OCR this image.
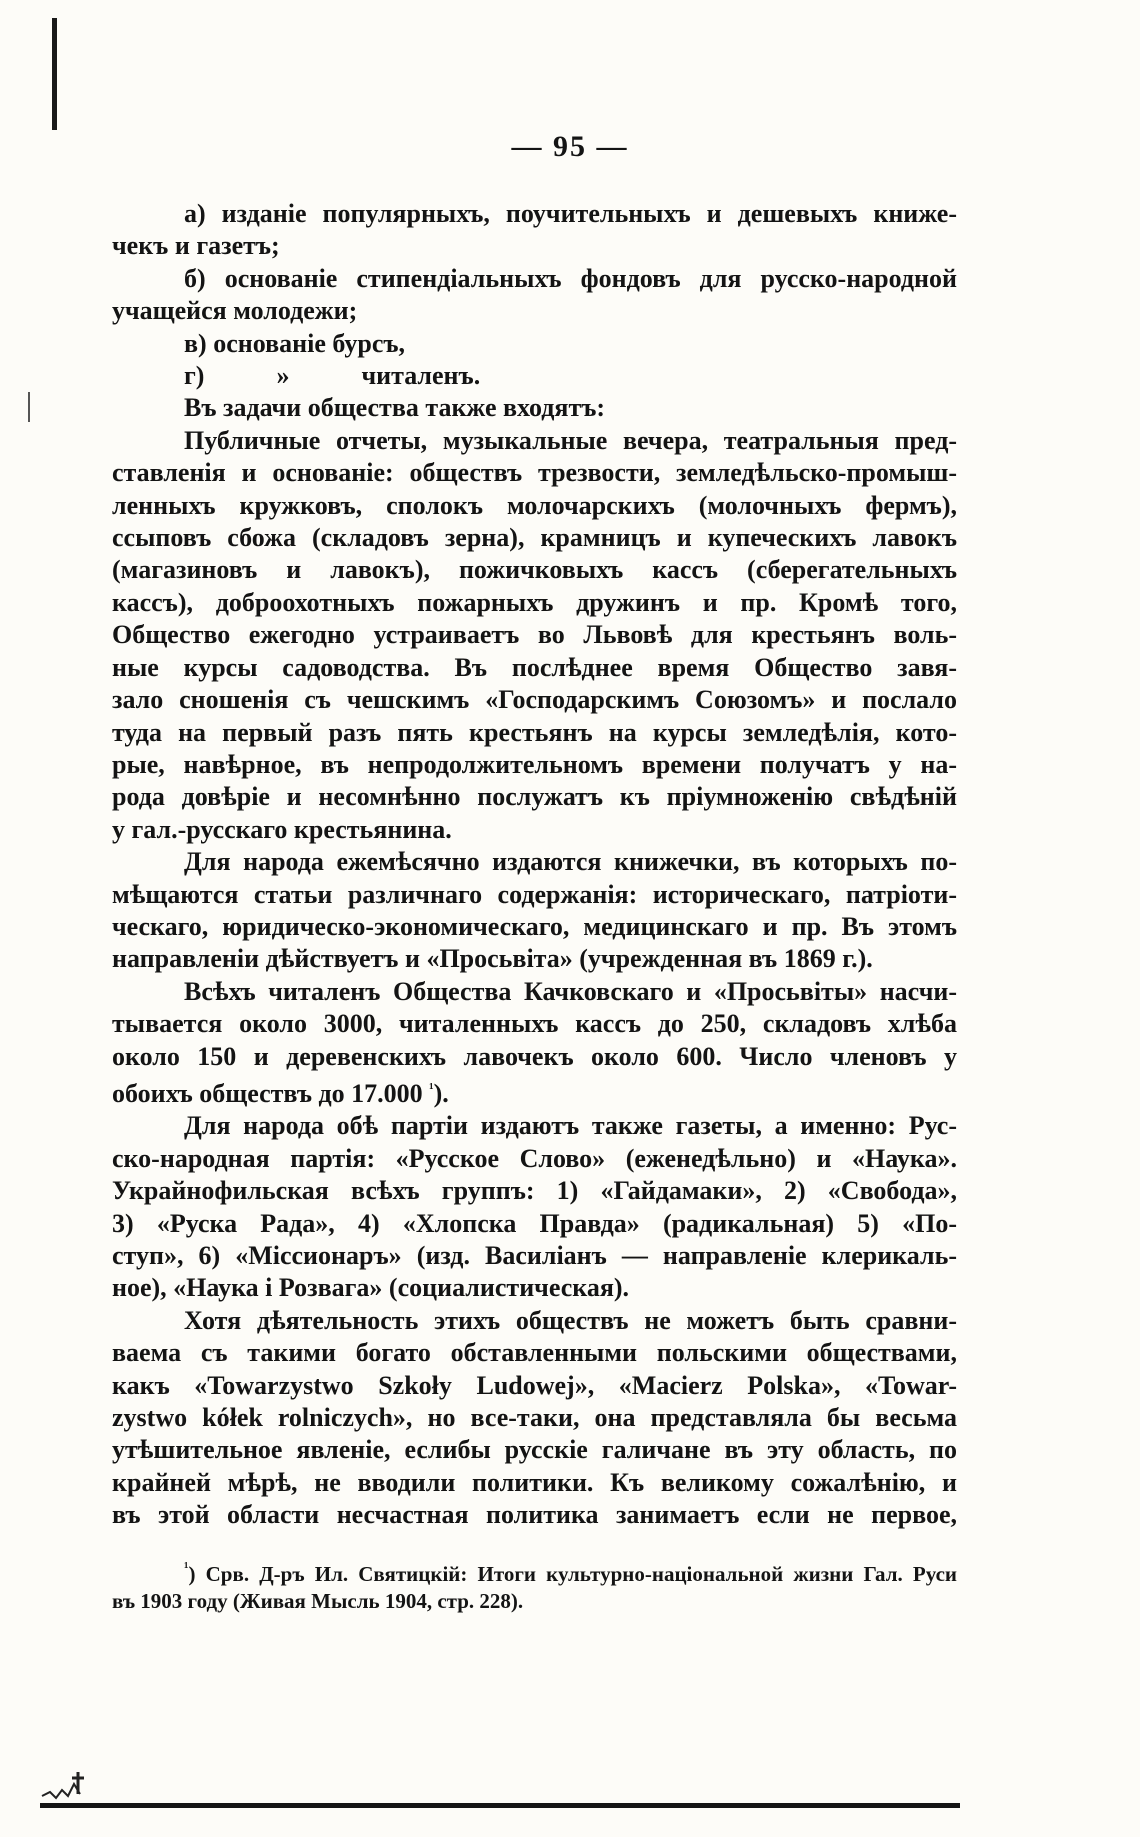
— 95 —
а) изданіе популярныхъ, поучительныхъ и дешевыхъ книже-
чекъ и газетъ;
б) основаніе стипендіальныхъ фондовъ для русско-народной
учащейся молодежи;
в) основаніе бурсъ,
г)	»	читаленъ.
Въ задачи общества также входятъ:
Публичные отчеты, музыкальные вечера, театральныя пред-
ставленія и основаніе: обществъ трезвости, земледѣльско-промыш-
ленныхъ кружковъ, сполокъ молочарскихъ (молочныхъ фермъ),
ссыповъ сбожа (складовъ зерна), крамницъ и купеческихъ лавокъ
(магазиновъ и лавокъ), пожичковыхъ кассъ (сберегательныхъ
кассъ), доброохотныхъ пожарныхъ дружинъ и пр. Кромѣ того,
Общество ежегодно устраиваетъ во Львовѣ для крестьянъ воль-
ные курсы садоводства. Въ послѣднее время Общество завя-
зало сношенія съ чешскимъ «Господарскимъ Союзомъ» и послало
туда на первый разъ пять крестьянъ на курсы земледѣлія, кото-
рые, навѣрное, въ непродолжительномъ времени получатъ у на-
рода довѣріе и несомнѣнно послужатъ къ пріумноженію свѣдѣній
у гал.-русскаго крестьянина.
Для народа ежемѣсячно издаются книжечки, въ которыхъ по-
мѣщаются статьи различнаго содержанія: историческаго, патріоти-
ческаго, юридическо-экономическаго, медицинскаго и пр. Въ этомъ
направленіи дѣйствуетъ и «Просьвіта» (учрежденная въ 1869 г.).
Всѣхъ читаленъ Общества Качковскаго и «Просьвіты» насчи-
тывается около 3000, читаленныхъ кассъ до 250, складовъ хлѣба
около 150 и деревенскихъ лавочекъ около 600. Число членовъ у
обоихъ обществъ до 17.000 $^{^1}$).
Для народа обѣ партіи издаютъ также газеты, а именно: Рус-
ско-народная партія: «Русское Слово» (еженедѣльно) и «Наука».
Украйнофильская всѣхъ группъ: 1) «Гайдамаки», 2) «Свобода»,
3) «Руска Рада», 4) «Хлопска Правда» (радикальная) 5) «По-
ступ», 6) «Міссионаръ» (изд. Василіанъ — направленіе клерикаль-
ное), «Наука і Розвага» (социалистическая).
Хотя дѣятельность этихъ обществъ не можетъ быть сравни-
ваема съ такими богато обставленными польскими обществами,
какъ «Towarzystwo Szkoły Ludowej», «Macierz Polska», «Towar-
zystwo kółek rolniczych», но все-таки, она представляла бы весьма
утѣшительное явленіе, еслибы русскіе галичане въ эту область, по
крайней мѣрѣ, не вводили политики. Къ великому сожалѣнію, и
въ этой области несчастная политика занимаетъ если не первое,
$^{^1}$) Срв. Д-ръ Ил. Святицкій: Итоги культурно-національной жизни Гал. Руси
въ 1903 году (Живая Мысль 1904, стр. 228).
